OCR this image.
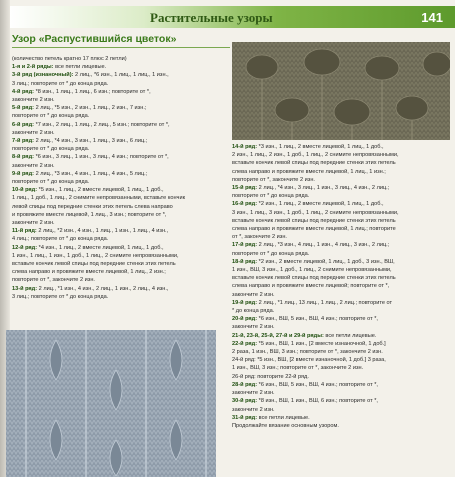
Растительные узоры	141
Узор «Распустившийся цветок»
(количество петель кратно 17 плюс 2 петли)
1-я и 2-й ряды: все петли лицевые.
3-й ряд (изнаночный): 2 лиц., *6 изн., 1 лиц., 1 лиц., 1 изн.,
3 лиц.; повторите от * до конца ряда.
4-й ряд: *8 изн., 1 лиц., 1 лиц., 6 изн.; повторите от *,
закончите 2 изн.
5-й ряд: 2 лиц., *5 изн., 2 изн., 1 лиц., 2 изн., 7 изн.;
повторите от * до конца ряда.
6-й ряд: *7 изн., 2 лиц., 1 лиц., 2 лиц., 5 изн.; повторите от *,
закончите 2 изн.
7-й ряд: 2 лиц., *4 изн., 3 изн., 1 лиц., 3 изн., 6 лиц.;
повторите от * до конца ряда.
8-й ряд: *6 изн., 3 лиц., 1 изн., 3 лиц., 4 изн.; повторите от *,
закончите 2 изн.
9-й ряд: 2 лиц., *3 изн., 4 изн., 1 лиц., 4 изн., 5 лиц.;
повторите от * до конца ряда.
10-й ряд: *5 изн., 1 лиц., 2 вместе лицевой, 1 лиц., 1 доб.,
1 лиц., 1 доб., 1 лиц., 2 снимите непровязанными, вставьте кончик
левой спицы под передние стенки этих петель слева направо
и провяжите вместе лицевой, 1 лиц., 3 изн.; повторите от *,
закончите 2 изн.
11-й ряд: 2 лиц., *2 изн., 4 изн., 1 лиц., 1 изн., 1 лиц., 4 изн.,
4 лиц.; повторите от * до конца ряда.
12-й ряд: *4 изн., 1 лиц., 2 вместе лицевой, 1 лиц., 1 доб.,
1 изн., 1 лиц., 1 изн., 1 доб., 1 лиц., 2 снимите непровязанными,
вставьте кончик левой спицы под передние стенки этих петель
слева направо и провяжите вместе лицевой, 1 лиц., 2 изн.;
повторите от *, закончите 2 изн.
13-й ряд: 2 лиц., *1 изн., 4 изн., 2 лиц., 1 изн., 2 лиц., 4 изн.,
3 лиц.; повторите от * до конца ряда.
14-й ряд: *3 изн., 1 лиц., 2 вместе лицевой, 1 лиц., 1 доб.,
2 изн., 1 лиц., 2 изн., 1 доб., 1 лиц., 2 снимите непровязанными,
вставьте кончик левой спицы под передние стенки этих петель
слева направо и провяжите вместе лицевой, 1 лиц., 1 изн.;
повторите от *, закончите 2 изн.
15-й ряд: 2 лиц., *4 изн., 3 лиц., 1 изн., 3 лиц., 4 изн., 2 лиц.;
повторите от * до конца ряда.
16-й ряд: *2 изн., 1 лиц., 2 вместе лицевой, 1 лиц., 1 доб.,
3 изн., 1 лиц., 3 изн., 1 доб., 1 лиц., 2 снимите непровязанными,
вставьте кончик левой спицы под передние стенки этих петель
слева направо и провяжите вместе лицевой, 1 лиц.; повторите
от *, закончите 2 изн.
17-й ряд: 2 лиц., *3 изн., 4 лиц., 1 изн., 4 лиц., 3 изн., 2 лиц.;
повторите от * до конца ряда.
18-й ряд: *2 изн., 2 вместе лицевой, 1 лиц., 1 доб., 3 изн., ВШ,
1 изн., ВШ, 3 изн., 1 доб., 1 лиц., 2 снимите непровязанными,
вставьте кончик левой спицы под передние стенки этих петель
слева направо и провяжите вместе лицевой; повторите от *,
закончите 2 изн.
19-й ряд: 2 лиц., *1 лиц., 13 лиц., 1 лиц., 2 лиц.; повторите от
* до конца ряда.
20-й ряд: *6 изн., ВШ, 5 изн., ВШ, 4 изн.; повторите от *,
закончите 2 изн.
21-й, 23-й, 25-й, 27-й и 29-й ряды: все петли лицевые.
22-й ряд: *5 изн., ВШ, 1 изн., [2 вместе изнаночной, 1 доб.]
2 раза, 1 изн., ВШ, 3 изн.; повторите от *, закончите 2 изн.
24-й ряд: *5 изн., ВШ, [2 вместе изнаночной, 1 доб.] 3 раза,
1 изн., ВШ, 3 изн.; повторите от *, закончите 2 изн.
26-й ряд: повторите 22-й ряд.
28-й ряд: *6 изн., ВШ, 5 изн., ВШ, 4 изн.; повторите от *,
закончите 2 изн.
30-й ряд: *8 изн., ВШ, 1 изн., ВШ, 6 изн.; повторите от *,
закончите 2 изн.
31-й ряд: все петли лицевые.
Продолжайте вязание основным узором.
